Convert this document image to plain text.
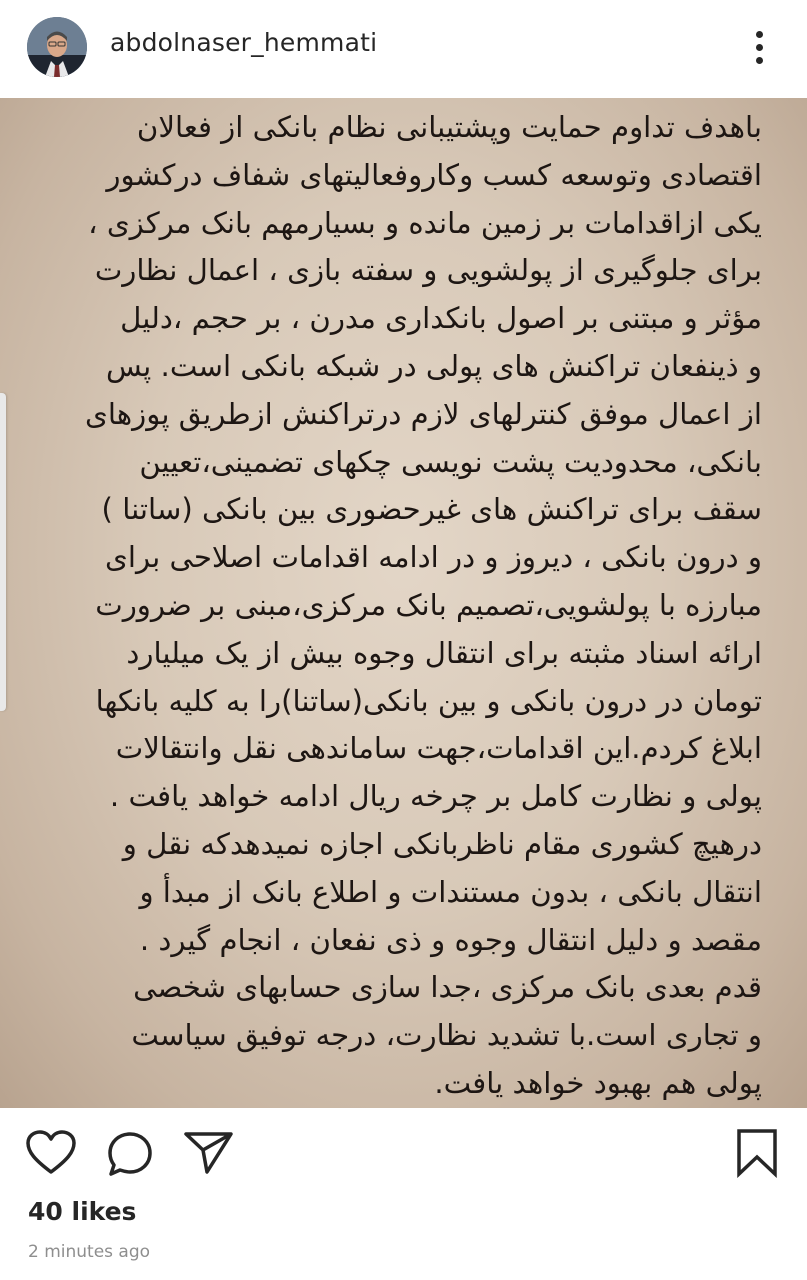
abdolnaser_hemmati
باهدف تداوم حمایت وپشتیبانی نظام بانکی از فعالان
اقتصادی وتوسعه کسب وکاروفعالیتهای شفاف درکشور
یکی ازاقدامات بر زمین مانده و بسیارمهم بانک مرکزی ،
برای جلوگیری از پولشویی و سفته بازی ، اعمال نظارت
مؤثر و مبتنی بر اصول بانکداری مدرن ، بر حجم ،دلیل
و ذینفعان تراکنش های پولی در شبکه بانکی است. پس
از اعمال موفق کنترلهای لازم درتراکنش ازطریق پوزهای
بانکی، محدودیت پشت نویسی چکهای تضمینی،تعیین
سقف برای تراکنش های غیرحضوری بین بانکی (ساتنا )
و درون بانکی ، دیروز و در ادامه اقدامات اصلاحی برای
مبارزه با پولشویی،تصمیم بانک مرکزی،مبنی بر ضرورت
ارائه اسناد مثبته برای انتقال وجوه بیش از یک میلیارد
تومان در درون بانکی و بین بانکی(ساتنا)را به کلیه بانکها
ابلاغ کردم.این اقدامات،جهت ساماندهی نقل وانتقالات
پولی و نظارت کامل بر چرخه ریال ادامه خواهد یافت .
درهیچ کشوری مقام ناظربانکی اجازه نمیدهدکه نقل و
انتقال بانکی ، بدون مستندات و اطلاع بانک از مبدأ و
مقصد و دلیل انتقال وجوه و ذی نفعان ، انجام گیرد .
قدم بعدی بانک مرکزی ،جدا سازی حسابهای شخصی
و تجاری است.با تشدید نظارت، درجه توفیق سیاست
پولی هم بهبود خواهد یافت.
40 likes
2 minutes ago
